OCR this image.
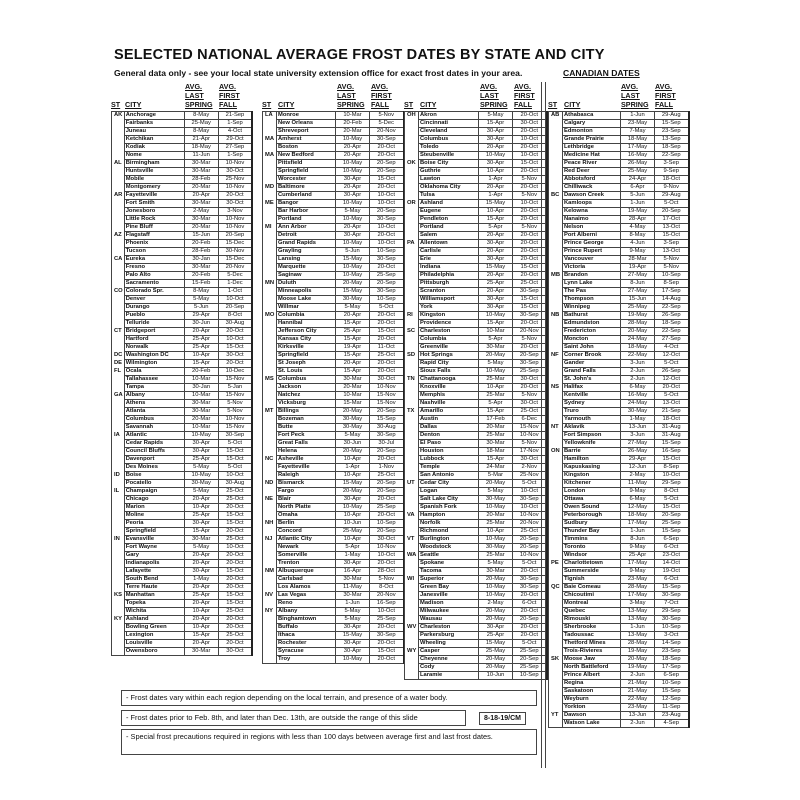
SELECTED NATIONAL AVERAGE FROST DATES BY STATE AND CITY
General data only - see your local state university extension office for exact frost dates in your area.	CANADIAN DATES
ST CITY
AVG.
LAST
SPRING
AVG.
FIRST
FALL	ST CITY
AVG.
LAST
SPRING
AVG.
FIRST
FALL	ST CITY
AVG.
LAST
SPRING
AVG.
FIRST
FALL	ST CITY
AVG.
LAST
SPRING
AVG.
FIRST
FALL
AK	Anchorage	8-May	21-Sep
	Fairbanks	25-May	1-Sep
	Juneau	8-May	4-Oct
	Ketchikan	21-Apr	29-Oct
	Kodiak	18-May	27-Sep
	Nome	11-Jun	1-Sep
AL	Birmingham	30-Mar	10-Nov
	Huntsville	30-Mar	30-Oct
	Mobile	28-Feb	25-Nov
	Montgomery	20-Mar	10-Nov
AR	Fayetteville	20-Apr	20-Oct
	Fort Smith	30-Mar	30-Oct
	Jonesboro	2-May	3-Nov
	Little Rock	30-Mar	10-Nov
	Pine Bluff	20-Mar	10-Nov
AZ	Flagstaff	15-Jun	20-Sep
	Phoenix	20-Feb	15-Dec
	Tucson	28-Feb	30-Nov
CA	Eureka	30-Jan	15-Dec
	Fresno	30-Mar	20-Nov
	Palo Alto	20-Feb	5-Dec
	Sacramento	15-Feb	1-Dec
CO	Colorado Spr.	8-May	1-Oct
	Denver	5-May	10-Oct
	Durango	5-Jun	20-Sep
	Pueblo	29-Apr	8-Oct
	Telluride	30-Jun	30-Aug
CT	Bridgeport	20-Apr	20-Oct
	Hartford	25-Apr	10-Oct
	Norwalk	25-Apr	15-Oct
DC	Washington DC	10-Apr	30-Oct
DE	Wilmington	15-Apr	20-Oct
FL	Ocala	20-Feb	10-Dec
	Tallahassee	10-Mar	15-Nov
	Tampa	30-Jan	5-Jan
GA	Albany	10-Mar	15-Nov
	Athens	30-Mar	5-Nov
	Atlanta	30-Mar	5-Nov
	Columbus	20-Mar	10-Nov
	Savannah	10-Mar	15-Nov
IA	Atlantic	10-May	30-Sep
	Cedar Rapids	30-Apr	5-Oct
	Council Bluffs	30-Apr	15-Oct
	Davenport	25-Apr	15-Oct
	Des Moines	5-May	5-Oct
ID	Boise	10-May	10-Oct
	Pocatello	30-May	30-Aug
IL	Champaign	5-May	25-Oct
	Chicago	20-Apr	25-Oct
	Marion	10-Apr	20-Oct
	Moline	25-Apr	15-Oct
	Peoria	30-Apr	15-Oct
	Springfield	15-Apr	20-Oct
IN	Evansville	30-Mar	25-Oct
	Fort Wayne	5-May	10-Oct
	Gary	20-Apr	20-Oct
	Indianapolis	20-Apr	20-Oct
	Lafayette	30-Apr	15-Oct
	South Bend	1-May	20-Oct
	Terre Haute	20-Apr	20-Oct
KS	Manhattan	25-Apr	15-Oct
	Topeka	20-Apr	15-Oct
	Wichita	10-Apr	25-Oct
KY	Ashland	20-Apr	20-Oct
	Bowling Green	10-Apr	20-Oct
	Lexington	15-Apr	25-Oct
	Louisville	20-Apr	20-Oct
	Owensboro	30-Mar	30-Oct
LA	Monroe	10-Mar	5-Nov
	New Orleans	20-Feb	5-Dec
	Shreveport	20-Mar	20-Nov
MA	Amherst	10-May	30-Sep
	Boston	20-Apr	20-Oct
MA	New Bedford	20-Apr	20-Oct
	Pittsfield	10-May	20-Sep
	Springfield	10-May	20-Sep
	Worcester	30-Apr	15-Oct
MD	Baltimore	20-Apr	20-Oct
	Cumberland	30-Apr	10-Oct
ME	Bangor	10-May	10-Oct
	Bar Harbor	5-May	20-Sep
	Portland	10-May	30-Sep
MI	Ann Arbor	20-Apr	10-Oct
	Detroit	30-Apr	20-Oct
	Grand Rapids	10-May	10-Oct
	Grayling	5-Jun	10-Sep
	Lansing	15-May	30-Sep
	Marquette	10-May	20-Oct
	Saginaw	10-May	25-Sep
MN	Duluth	20-May	20-Sep
	Minneapolis	15-May	30-Sep
	Moose Lake	30-May	10-Sep
	Willmar	5-May	5-Oct
MO	Columbia	20-Apr	20-Oct
	Hannibal	15-Apr	20-Oct
	Jefferson City	25-Apr	15-Oct
	Kansas City	15-Apr	20-Oct
	Kirksville	19-Apr	11-Oct
	Springfield	15-Apr	25-Oct
	St Joseph	20-Apr	20-Oct
	St. Louis	15-Apr	20-Oct
MS	Columbus	30-Mar	30-Oct
	Jackson	20-Mar	10-Nov
	Natchez	10-Mar	15-Nov
	Vicksburg	15-Mar	15-Nov
MT	Billings	20-May	20-Sep
	Bozeman	30-May	15-Sep
	Butte	30-May	30-Aug
	Fort Peck	5-May	30-Sep
	Great Falls	30-Jun	30-Jul
	Helena	20-May	20-Sep
NC	Asheville	10-Apr	20-Oct
	Fayetteville	1-Apr	1-Nov
	Raleigh	10-Apr	25-Oct
ND	Bismarck	15-May	20-Sep
	Fargo	20-May	20-Sep
NE	Blair	30-Apr	20-Oct
	North Platte	10-May	25-Sep
	Omaha	10-Apr	20-Oct
NH	Berlin	10-Jun	10-Sep
	Concord	25-May	20-Sep
NJ	Atlantic City	10-Apr	30-Oct
	Newark	5-Apr	10-Nov
	Somerville	1-May	10-Oct
	Trenton	30-Apr	20-Oct
NM	Albuquerque	16-Apr	28-Oct
	Carlsbad	30-Mar	5-Nov
	Los Alamos	11-May	8-Oct
NV	Las Vegas	30-Mar	20-Nov
	Reno	1-Jun	16-Sep
NY	Albany	5-May	10-Oct
	Binghamtown	5-May	25-Sep
	Buffalo	30-Apr	20-Oct
	Ithaca	15-May	30-Sep
	Rochester	30-Apr	20-Oct
	Syracuse	30-Apr	15-Oct
	Troy	10-May	20-Oct
OH	Akron	5-May	20-Oct
	Cincinnati	15-Apr	30-Oct
	Cleveland	30-Apr	20-Oct
	Columbus	30-Apr	10-Oct
	Toledo	20-Apr	20-Oct
	Steubenville	10-May	10-Oct
OK	Boise City	30-Apr	15-Oct
	Guthrie	10-Apr	20-Oct
	Lawton	1-Apr	5-Nov
	Oklahoma City	20-Apr	20-Oct
	Tulsa	1-Apr	5-Nov
OR	Ashland	15-May	10-Oct
	Eugene	10-Apr	20-Oct
	Pendleton	15-Apr	20-Oct
	Portland	5-Apr	5-Nov
	Salem	20-Apr	20-Oct
PA	Allentown	30-Apr	20-Oct
	Carlisle	20-Apr	20-Oct
	Erie	30-Apr	20-Oct
	Indiana	15-May	15-Oct
	Philadelphia	20-Apr	20-Oct
	Pittsburgh	25-Apr	25-Oct
	Scranton	20-Apr	30-Sep
	Williamsport	30-Apr	15-Oct
	York	30-Apr	15-Oct
RI	Kingston	10-May	30-Sep
	Providence	15-Apr	20-Oct
SC	Charleston	10-Mar	20-Nov
	Columbia	5-Apr	5-Nov
	Greenville	30-Mar	20-Oct
SD	Hot Springs	20-May	20-Sep
	Rapid City	5-May	30-Sep
	Sioux Falls	10-May	25-Sep
TN	Chattanooga	25-Mar	30-Oct
	Knoxville	10-Apr	20-Oct
	Memphis	25-Mar	5-Nov
	Nashville	5-Apr	30-Oct
TX	Amarillo	15-Apr	25-Oct
	Austin	17-Feb	6-Dec
	Dallas	20-Mar	15-Nov
	Denton	25-Mar	10-Nov
	El Paso	30-Mar	5-Nov
	Houston	18-Mar	17-Nov
	Lubbock	15-Apr	30-Oct
	Temple	24-Mar	2-Nov
	San Antonio	5-Mar	25-Nov
UT	Cedar City	20-May	5-Oct
	Logan	5-May	10-Oct
	Salt Lake City	30-May	30-Sep
	Spanish Fork	10-May	10-Oct
VA	Hampton	20-Mar	10-Nov
	Norfolk	25-Mar	20-Nov
	Richmond	10-Apr	25-Oct
VT	Burlington	10-May	20-Sep
	Woodstock	30-May	20-Sep
WA	Seattle	25-Mar	10-Nov
	Spokane	5-May	5-Oct
	Tacoma	30-Mar	20-Oct
WI	Superior	20-May	30-Sep
	Green Bay	10-May	30-Sep
	Janesville	10-May	20-Oct
	Madison	2-May	6-Oct
	Milwaukee	20-May	20-Oct
	Wausau	20-May	20-Sep
WV	Charleston	30-Apr	20-Oct
	Parkersburg	25-Apr	20-Oct
	Wheeling	15-May	5-Oct
WY	Casper	25-May	25-Sep
	Cheyenne	20-May	20-Sep
	Cody	20-May	25-Sep
	Laramie	10-Jun	10-Sep
AB	Athabasca	1-Jun	29-Aug
	Calgary	23-May	15-Sep
	Edmonton	7-May	23-Sep
	Grande Prairie	18-May	13-Sep
	Lethbridge	17-May	18-Sep
	Medicine Hat	16-May	22-Sep
	Peace River	26-May	3-Sep
	Red Deer	25-May	9-Sep
	Abbotsford	24-Apr	18-Oct
	Chilliwack	6-Apr	9-Nov
BC	Dawson Creek	5-Jun	29-Aug
	Kamloops	1-Jun	5-Oct
	Kelowna	19-May	20-Sep
	Nanaimo	28-Apr	17-Oct
	Nelson	4-May	13-Oct
	Port Alberni	8-May	15-Oct
	Prince George	4-Jun	3-Sep
	Prince Rupert	9-May	13-Oct
	Vancouver	28-Mar	5-Nov
	Victoria	19-Apr	5-Nov
MB	Brandon	27-May	10-Sep
	Lynn Lake	8-Jun	8-Sep
	The Pas	27-May	17-Sep
	Thompson	15-Jun	14-Aug
	Winnipeg	25-May	22-Sep
NB	Bathurst	19-May	26-Sep
	Edmundston	28-May	18-Sep
	Fredericton	20-May	22-Sep
	Moncton	24-May	27-Sep
	Saint John	18-May	4-Oct
NF	Corner Brook	22-May	12-Oct
	Gander	3-Jun	5-Oct
	Grand Falls	2-Jun	26-Sep
	St. John's	2-Jun	12-Oct
NS	Halifax	6-May	20-Oct
	Kentville	16-May	5-Oct
	Sydney	24-May	13-Oct
	Truro	30-May	21-Sep
	Yarmouth	1-May	18-Oct
NT	Aklavik	13-Jun	31-Aug
	Fort Simpson	3-Jun	31-Aug
	Yellowknife	27-May	15-Sep
ON	Barrie	26-May	16-Sep
	Hamilton	29-Apr	15-Oct
	Kapuskasing	12-Jun	8-Sep
	Kingston	2-May	10-Oct
	Kitchener	11-May	29-Sep
	London	9-May	8-Oct
	Ottawa	6-May	5-Oct
	Owen Sound	12-May	15-Oct
	Peterborough	18-May	20-Sep
	Sudbury	17-May	25-Sep
	Thunder Bay	1-Jun	15-Sep
	Timmins	8-Jun	6-Sep
	Toronto	9-May	6-Oct
	Windsor	25-Apr	23-Oct
PE	Charlottetown	17-May	14-Oct
	Summerside	9-May	19-Oct
	Tignish	23-May	6-Oct
QC	Baie Comeau	28-May	15-Sep
	Chicoutimi	17-May	30-Sep
	Montreal	3-May	7-Oct
	Quebec	13-May	29-Sep
	Rimouski	13-May	30-Sep
	Sherbrooke	1-Jun	10-Sep
	Tadoussac	13-May	3-Oct
	Thetford Mines	28-May	14-Sep
	Trois-Rivieres	19-May	23-Sep
SK	Moose Jaw	20-May	18-Sep
	North Battleford	19-May	17-Sep
	Prince Albert	2-Jun	6-Sep
	Regina	21-May	10-Sep
	Saskatoon	21-May	15-Sep
	Weyburn	22-May	12-Sep
	Yorkton	23-May	11-Sep
YT	Dawson	13-Jun	23-Aug
	Watson Lake	2-Jun	4-Sep
- Frost dates vary within each region depending on the local terrain, and presence of a water body.
- Frost dates prior to Feb. 8th, and later than Dec. 13th, are outside the range of this slide	8-18-19/CM
- Special frost precautions required in regions with less than 100 days between average first and last frost dates.
